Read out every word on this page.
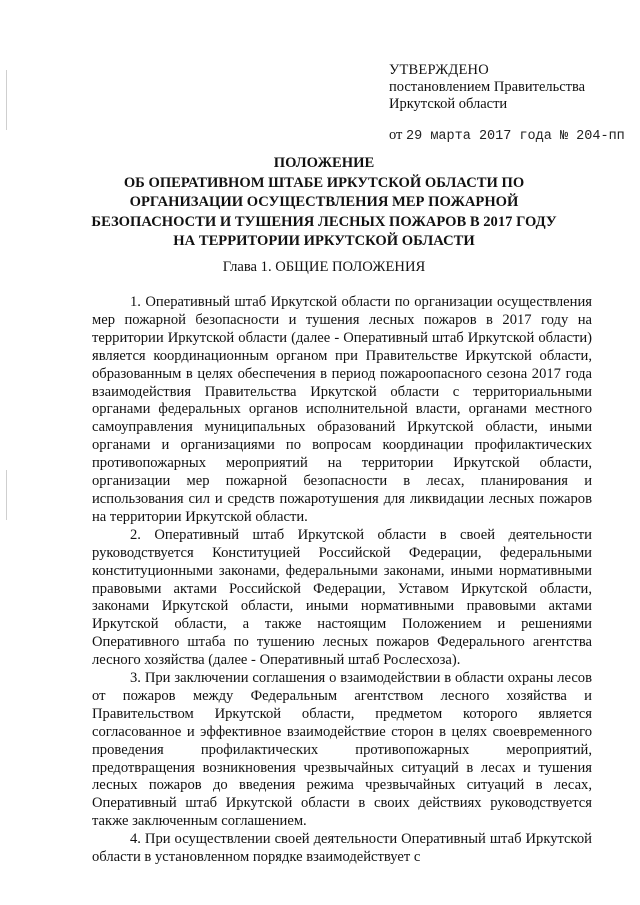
УТВЕРЖДЕНО
постановлением Правительства
Иркутской области
от 29 марта 2017 года № 204-пп
ПОЛОЖЕНИЕ
ОБ ОПЕРАТИВНОМ ШТАБЕ ИРКУТСКОЙ ОБЛАСТИ ПО
ОРГАНИЗАЦИИ ОСУЩЕСТВЛЕНИЯ МЕР ПОЖАРНОЙ
БЕЗОПАСНОСТИ И ТУШЕНИЯ ЛЕСНЫХ ПОЖАРОВ В 2017 ГОДУ
НА ТЕРРИТОРИИ ИРКУТСКОЙ ОБЛАСТИ
Глава 1. ОБЩИЕ ПОЛОЖЕНИЯ

1. Оперативный штаб Иркутской области по организации осуществления мер пожарной безопасности и тушения лесных пожаров в 2017 году на территории Иркутской области (далее - Оперативный штаб Иркутской области) является координационным органом при Правительстве Иркутской области, образованным в целях обеспечения в период пожароопасного сезона 2017 года взаимодействия Правительства Иркутской области с территориальными органами федеральных органов исполнительной власти, органами местного самоуправления муниципальных образований Иркутской области, иными органами и организациями по вопросам координации профилактических противопожарных мероприятий на территории Иркутской области, организации мер пожарной безопасности в лесах, планирования и использования сил и средств пожаротушения для ликвидации лесных пожаров на территории Иркутской области.

2. Оперативный штаб Иркутской области в своей деятельности руководствуется Конституцией Российской Федерации, федеральными конституционными законами, федеральными законами, иными нормативными правовыми актами Российской Федерации, Уставом Иркутской области, законами Иркутской области, иными нормативными правовыми актами Иркутской области, а также настоящим Положением и решениями Оперативного штаба по тушению лесных пожаров Федерального агентства лесного хозяйства (далее - Оперативный штаб Рослесхоза).

3. При заключении соглашения о взаимодействии в области охраны лесов от пожаров между Федеральным агентством лесного хозяйства и Правительством Иркутской области, предметом которого является согласованное и эффективное взаимодействие сторон в целях своевременного проведения профилактических противопожарных мероприятий, предотвращения возникновения чрезвычайных ситуаций в лесах и тушения лесных пожаров до введения режима чрезвычайных ситуаций в лесах, Оперативный штаб Иркутской области в своих действиях руководствуется также заключенным соглашением.

4. При осуществлении своей деятельности Оперативный штаб Иркутской области в установленном порядке взаимодействует с
